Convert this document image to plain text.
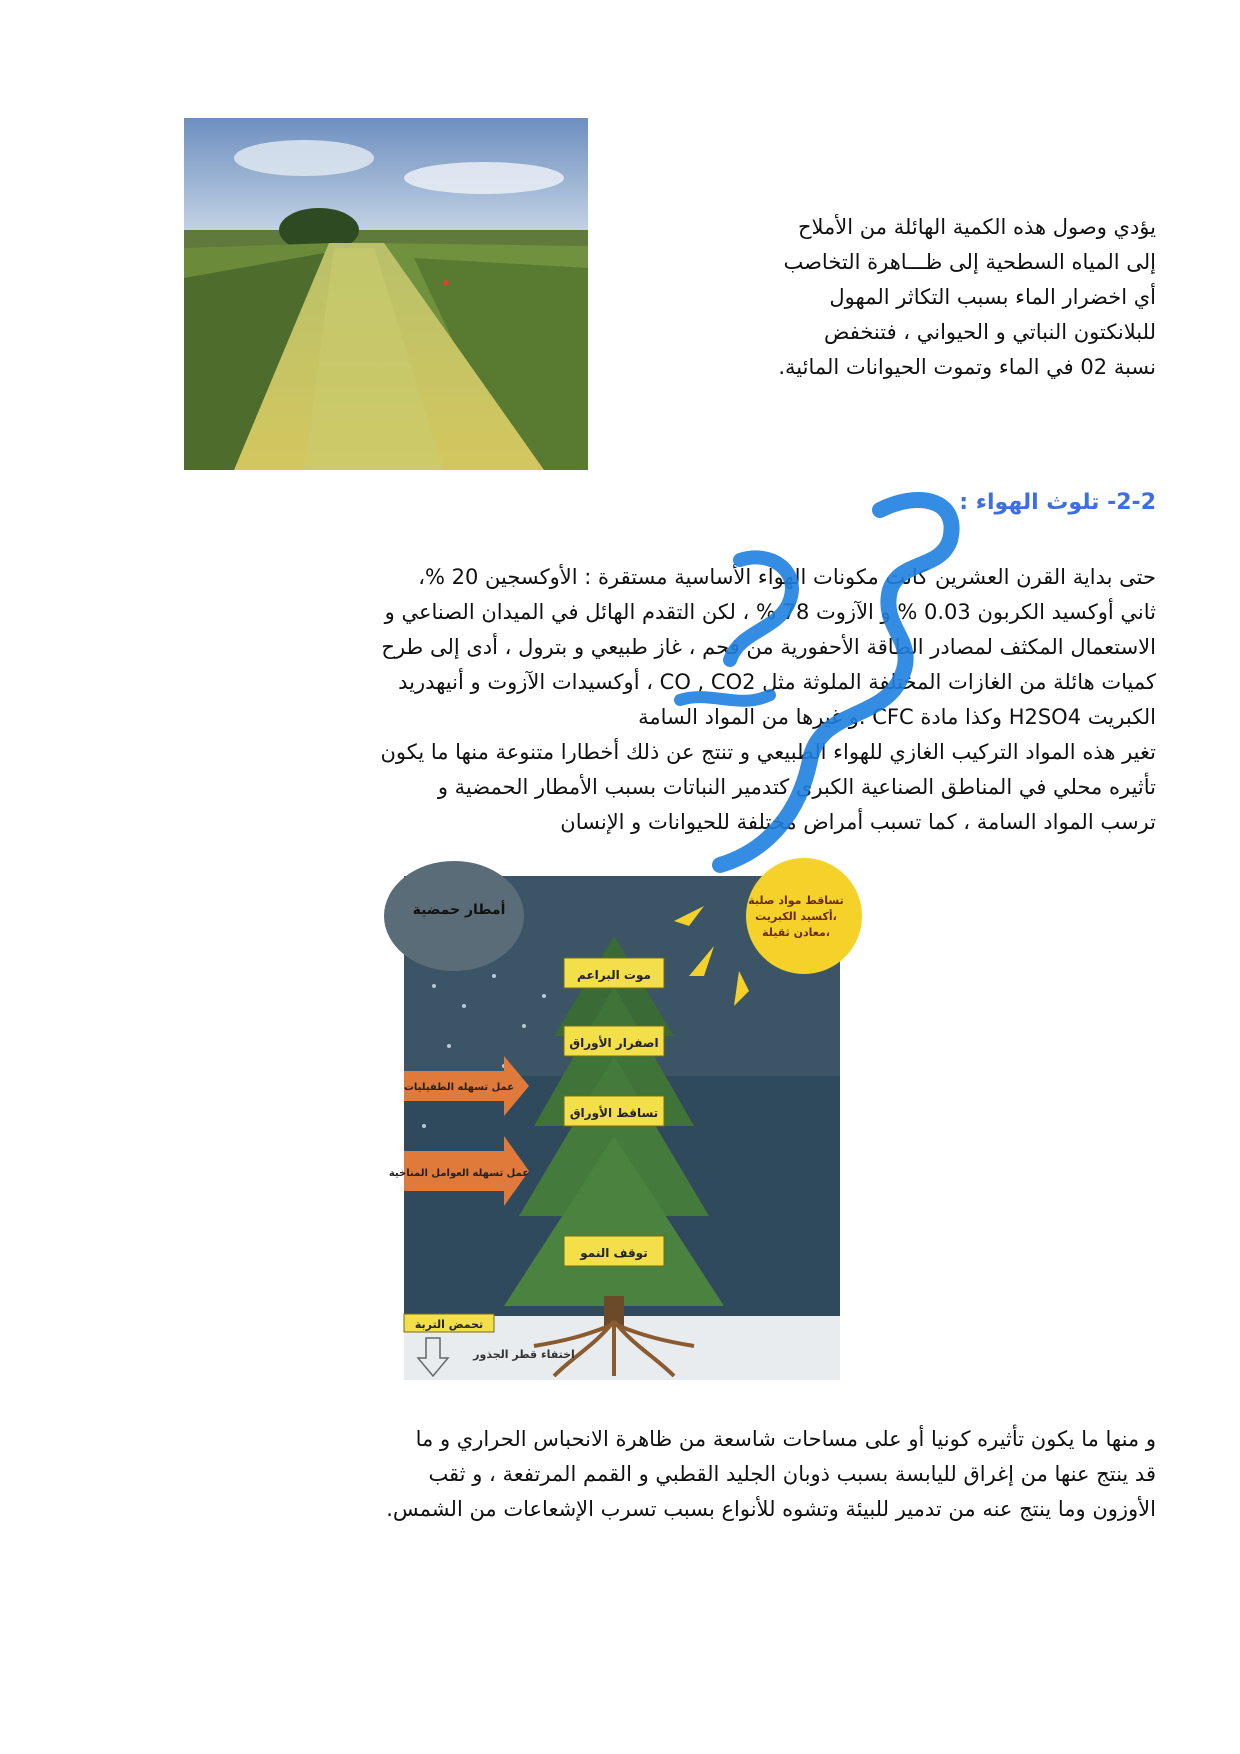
يؤدي وصول هذه الكمية الهائلة من الأملاح
إلى المياه السطحية إلى ظـــاهرة التخاصب
أي اخضرار الماء بسبب التكاثر المهول
للبلانكتون النباتي و الحيواني ، فتنخفض
نسبة 02 في الماء وتموت الحيوانات المائية.
2-2- تلوث الهواء :
حتى بداية القرن العشرين كانت مكونات الهواء الأساسية مستقرة : الأوكسجين 20 %،
ثاني أوكسيد الكربون 0.03 % و الآزوت 78 % ، لكن التقدم الهائل في الميدان الصناعي و
الاستعمال المكثف لمصادر الطاقة الأحفورية من فحم ، غاز طبيعي و بترول ، أدى إلى طرح
كميات هائلة من الغازات المختلفة الملوثة مثل CO , CO2 ، أوكسيدات الآزوت و أنيهدريد
الكبريت H2SO4 وكذا مادة CFC .و غيرها من المواد السامة
تغير هذه المواد التركيب الغازي للهواء الطبيعي و تنتج عن ذلك أخطارا متنوعة منها ما يكون
تأثيره محلي في المناطق الصناعية الكبرى كتدمير النباتات بسبب الأمطار الحمضية و
ترسب المواد السامة ، كما تسبب أمراض مختلفة للحيوانات و الإنسان
أمطار حمضية
تساقط مواد صلبة
أكسيد الكبريت،
معادن ثقيلة،
موت البراعم
اصفرار الأوراق
تساقط الأوراق
توقف النمو
عمل تسهله الطفيليات
عمل تسهله العوامل المناخية
تحمض التربة
اختفاء قطر الجذور
و منها ما يكون تأثيره كونيا أو على مساحات شاسعة من ظاهرة الانحباس الحراري و ما
قد ينتج عنها من إغراق لليابسة بسبب ذوبان الجليد القطبي و القمم المرتفعة ، و ثقب
الأوزون وما ينتج عنه من تدمير للبيئة وتشوه للأنواع بسبب تسرب الإشعاعات من الشمس.
